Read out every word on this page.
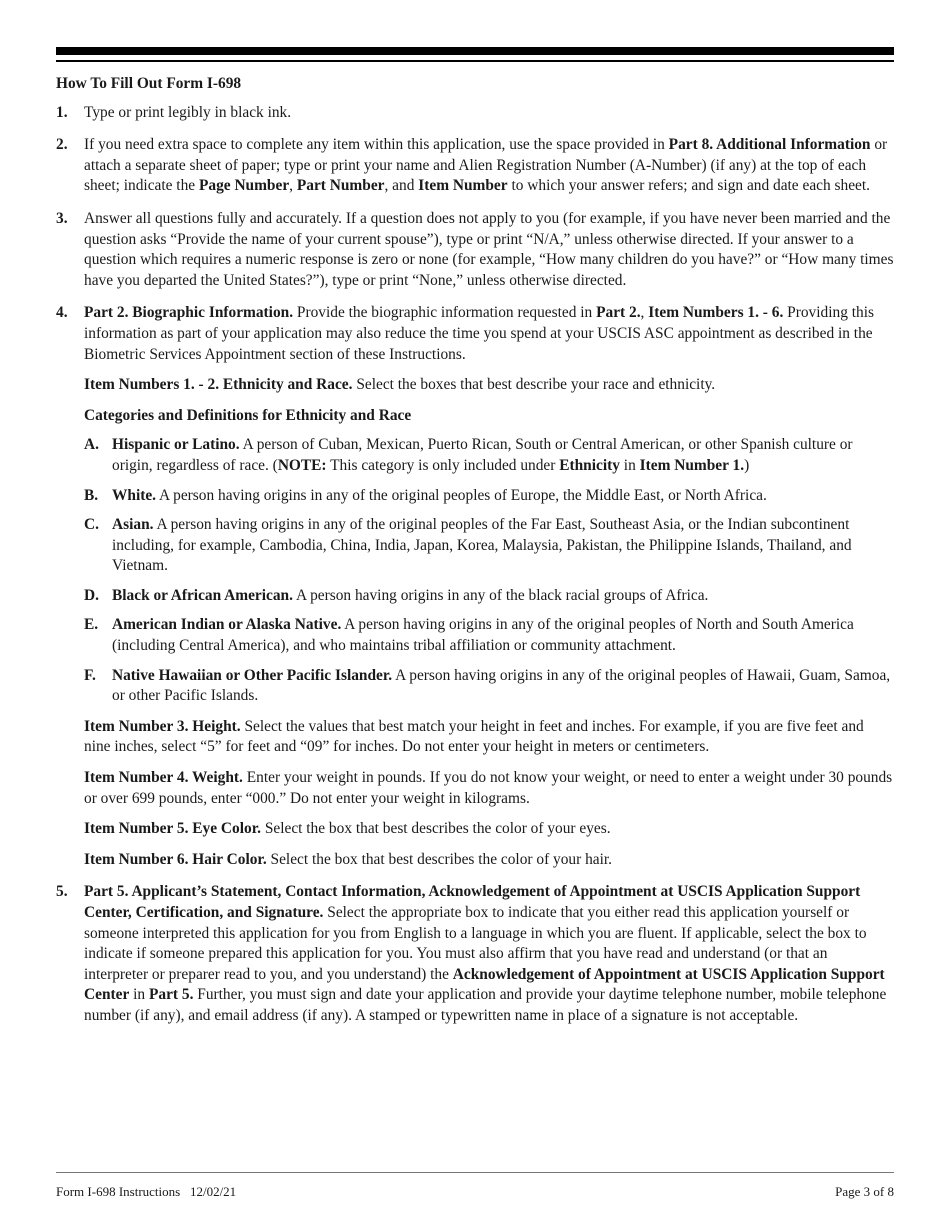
How To Fill Out Form I-698
1.	Type or print legibly in black ink.
2.	If you need extra space to complete any item within this application, use the space provided in Part 8. Additional Information or attach a separate sheet of paper; type or print your name and Alien Registration Number (A-Number) (if any) at the top of each sheet; indicate the Page Number, Part Number, and Item Number to which your answer refers; and sign and date each sheet.
3.	Answer all questions fully and accurately. If a question does not apply to you (for example, if you have never been married and the question asks “Provide the name of your current spouse”), type or print “N/A,” unless otherwise directed. If your answer to a question which requires a numeric response is zero or none (for example, “How many children do you have?” or “How many times have you departed the United States?”), type or print “None,” unless otherwise directed.
4.	Part 2. Biographic Information. Provide the biographic information requested in Part 2., Item Numbers 1. - 6. Providing this information as part of your application may also reduce the time you spend at your USCIS ASC appointment as described in the Biometric Services Appointment section of these Instructions.

Item Numbers 1. - 2. Ethnicity and Race. Select the boxes that best describe your race and ethnicity.

Categories and Definitions for Ethnicity and Race

A. Hispanic or Latino. A person of Cuban, Mexican, Puerto Rican, South or Central American, or other Spanish culture or origin, regardless of race. (NOTE: This category is only included under Ethnicity in Item Number 1.)
B. White. A person having origins in any of the original peoples of Europe, the Middle East, or North Africa.
C. Asian. A person having origins in any of the original peoples of the Far East, Southeast Asia, or the Indian subcontinent including, for example, Cambodia, China, India, Japan, Korea, Malaysia, Pakistan, the Philippine Islands, Thailand, and Vietnam.
D. Black or African American. A person having origins in any of the black racial groups of Africa.
E. American Indian or Alaska Native. A person having origins in any of the original peoples of North and South America (including Central America), and who maintains tribal affiliation or community attachment.
F.	Native Hawaiian or Other Pacific Islander. A person having origins in any of the original peoples of Hawaii, Guam, Samoa, or other Pacific Islands.

Item Number 3. Height. Select the values that best match your height in feet and inches. For example, if you are five feet and nine inches, select “5” for feet and “09” for inches. Do not enter your height in meters or centimeters.

Item Number 4. Weight. Enter your weight in pounds. If you do not know your weight, or need to enter a weight under 30 pounds or over 699 pounds, enter “000.” Do not enter your weight in kilograms.

Item Number 5. Eye Color. Select the box that best describes the color of your eyes.

Item Number 6. Hair Color. Select the box that best describes the color of your hair.

5.	Part 5. Applicant’s Statement, Contact Information, Acknowledgement of Appointment at USCIS Application Support Center, Certification, and Signature. Select the appropriate box to indicate that you either read this application yourself or someone interpreted this application for you from English to a language in which you are fluent. If applicable, select the box to indicate if someone prepared this application for you. You must also affirm that you have read and understand (or that an interpreter or preparer read to you, and you understand) the Acknowledgement of Appointment at USCIS Application Support Center in Part 5. Further, you must sign and date your application and provide your daytime telephone number, mobile telephone number (if any), and email address (if any). A stamped or typewritten name in place of a signature is not acceptable.
Form I-698 Instructions   12/02/21	Page 3 of 8
